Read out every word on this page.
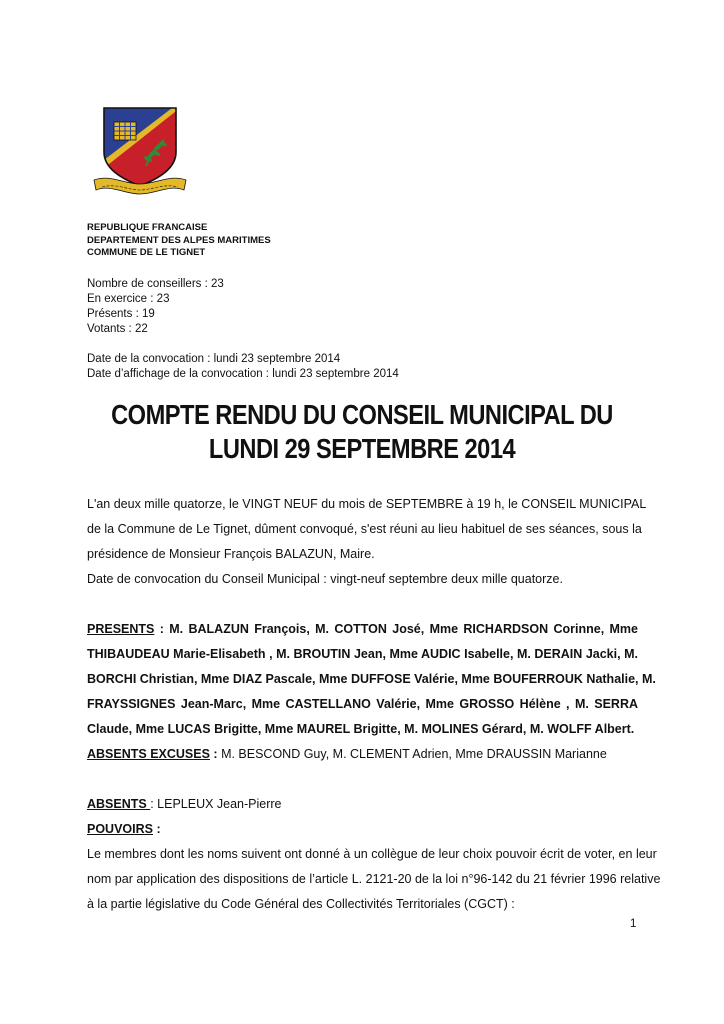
REPUBLIQUE FRANCAISE
DEPARTEMENT DES ALPES MARITIMES
COMMUNE DE LE TIGNET
Nombre de conseillers : 23
En exercice : 23
Présents : 19
Votants : 22
Date de la convocation : lundi 23 septembre 2014
Date d’affichage de la convocation : lundi 23 septembre 2014
COMPTE RENDU DU CONSEIL MUNICIPAL DU
LUNDI 29 SEPTEMBRE 2014
L'an deux mille quatorze, le VINGT NEUF du mois de SEPTEMBRE à 19 h, le CONSEIL MUNICIPAL
de la Commune de Le Tignet, dûment convoqué, s'est réuni au lieu habituel de ses séances, sous la
présidence de Monsieur François BALAZUN, Maire.
Date de convocation du Conseil Municipal : vingt-neuf septembre deux mille quatorze.
PRESENTS : M. BALAZUN François, M. COTTON José, Mme RICHARDSON Corinne, Mme
THIBAUDEAU Marie-Elisabeth , M. BROUTIN Jean, Mme AUDIC Isabelle, M. DERAIN Jacki, M.
BORCHI Christian, Mme DIAZ Pascale, Mme DUFFOSE Valérie, Mme BOUFERROUK Nathalie, M.
FRAYSSIGNES Jean-Marc, Mme CASTELLANO Valérie, Mme GROSSO Hélène , M. SERRA
Claude, Mme LUCAS Brigitte, Mme MAUREL Brigitte, M. MOLINES Gérard, M. WOLFF Albert.
ABSENTS EXCUSES : M. BESCOND Guy, M. CLEMENT Adrien, Mme DRAUSSIN Marianne
ABSENTS : LEPLEUX Jean-Pierre
POUVOIRS :
Le membres dont les noms suivent ont donné à un collègue de leur choix pouvoir écrit de voter, en leur
nom par application des dispositions de l’article L. 2121-20 de la loi n°96-142 du 21 février 1996 relative
à la partie législative du Code Général des Collectivités Territoriales (CGCT) :
1
